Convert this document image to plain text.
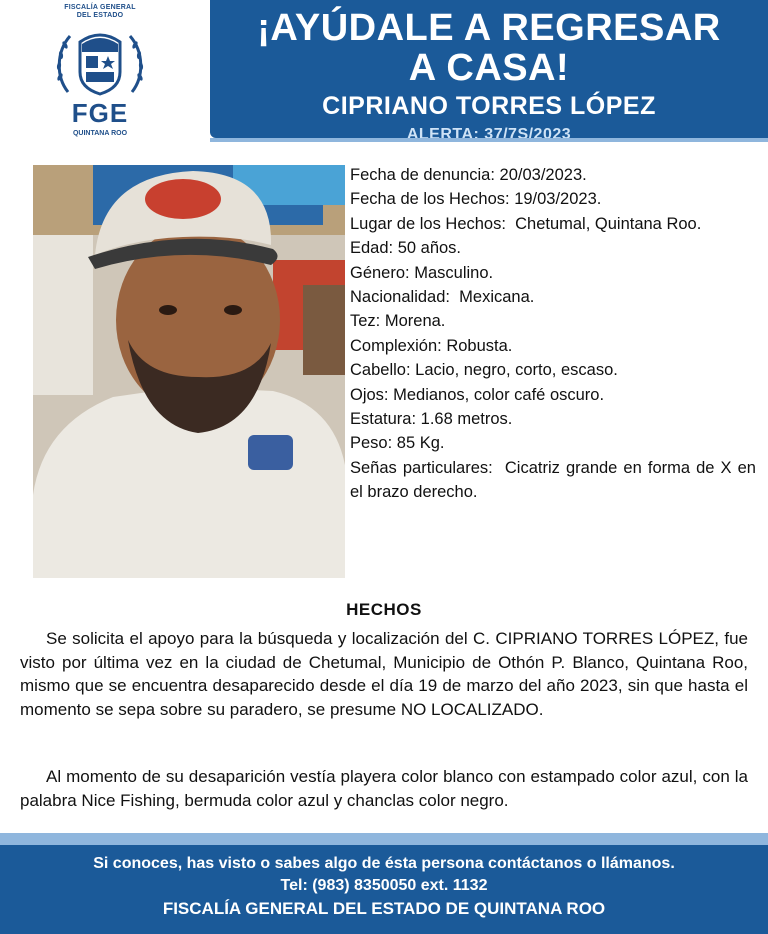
FISCALÍA GENERAL
DEL ESTADO
FGE
QUINTANA ROO
¡AYÚDALE A REGRESAR
A CASA!
CIPRIANO TORRES LÓPEZ
ALERTA: 37/7S/2023
Fecha de denuncia: 20/03/2023.
Fecha de los Hechos: 19/03/2023.
Lugar de los Hechos: Chetumal, Quintana Roo.
Edad: 50 años.
Género: Masculino.
Nacionalidad: Mexicana.
Tez: Morena.
Complexión: Robusta.
Cabello: Lacio, negro, corto, escaso.
Ojos: Medianos, color café oscuro.
Estatura: 1.68 metros.
Peso: 85 Kg.
Señas particulares: Cicatriz grande en forma de X en el brazo derecho.
HECHOS

Se solicita el apoyo para la búsqueda y localización del C. CIPRIANO TORRES LÓPEZ, fue visto por última vez en la ciudad de Chetumal, Municipio de Othón P. Blanco, Quintana Roo, mismo que se encuentra desaparecido desde el día 19 de marzo del año 2023, sin que hasta el momento se sepa sobre su paradero, se presume NO LOCALIZADO.

Al momento de su desaparición vestía playera color blanco con estampado color azul, con la palabra Nice Fishing, bermuda color azul y chanclas color negro.

Si conoces, has visto o sabes algo de ésta persona contáctanos o llámanos.
Tel: (983) 8350050 ext. 1132
FISCALÍA GENERAL DEL ESTADO DE QUINTANA ROO
